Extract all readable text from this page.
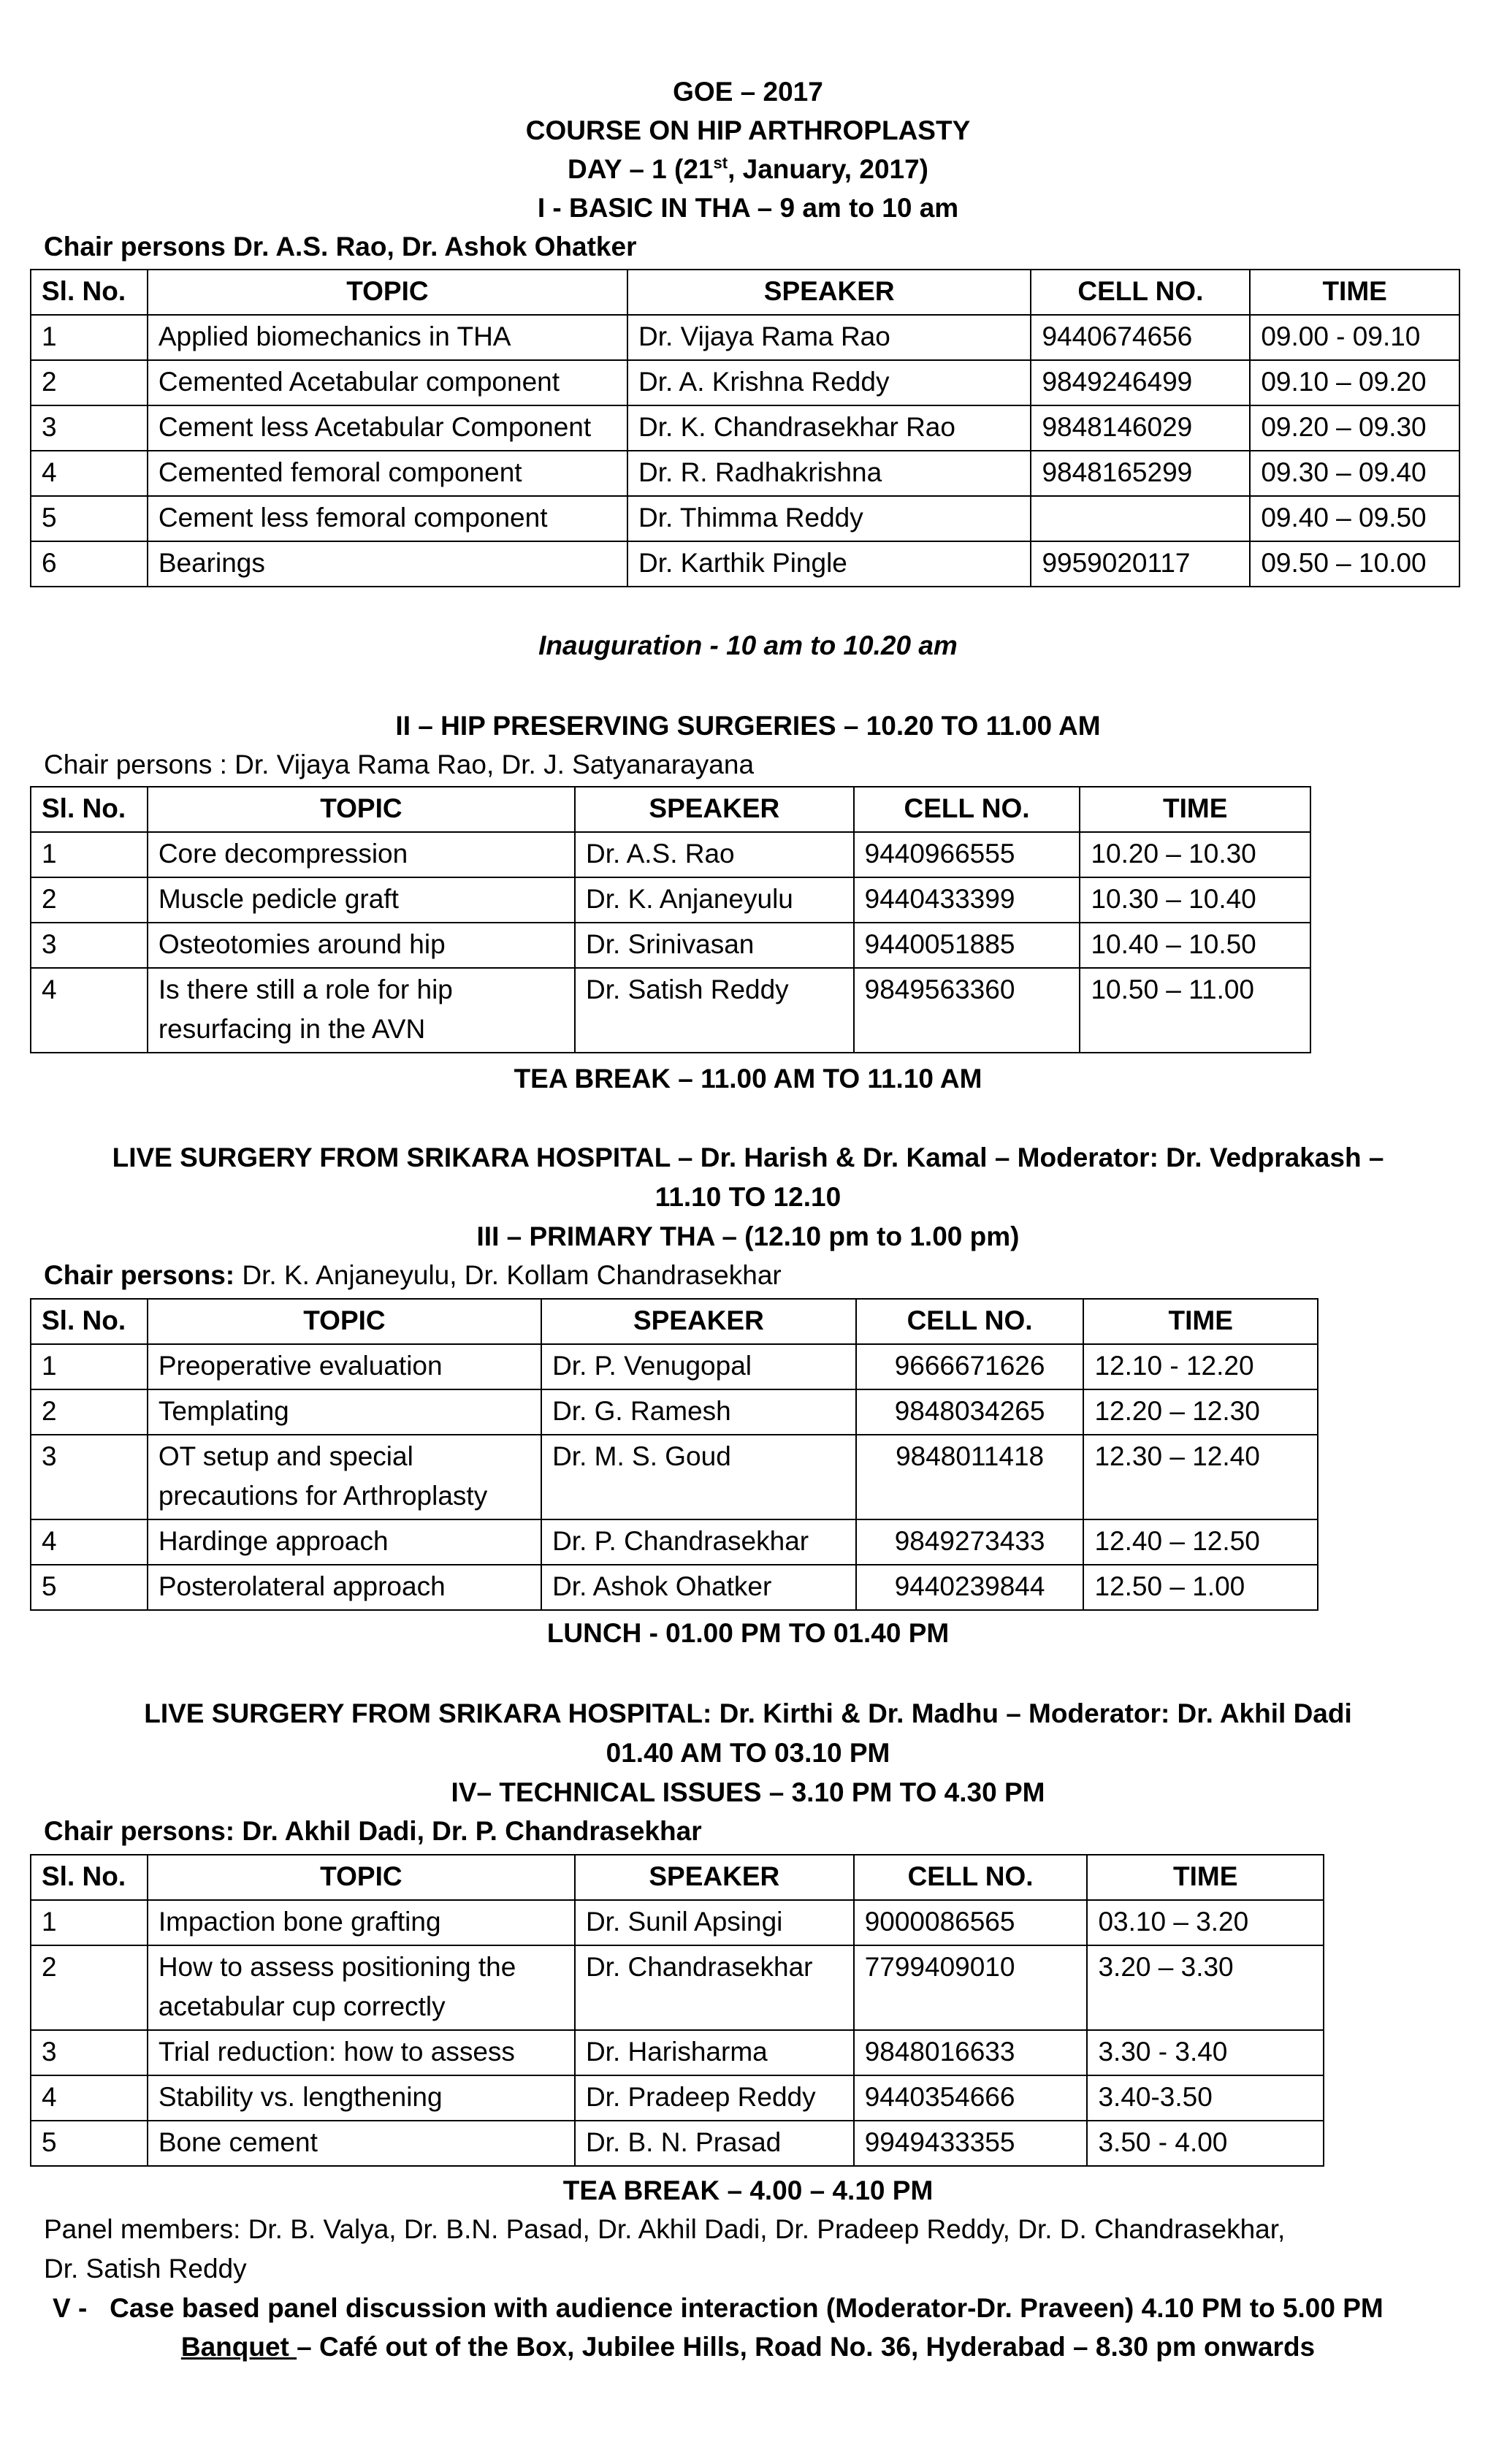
GOE – 2017
COURSE ON HIP ARTHROPLASTY
DAY – 1 (21st, January, 2017)
I - BASIC IN THA – 9 am to 10 am
Chair persons Dr. A.S. Rao, Dr. Ashok Ohatker
Sl. No.	TOPIC	SPEAKER	CELL NO.	TIME
1	Applied biomechanics in THA	Dr. Vijaya Rama Rao	9440674656	09.00 - 09.10
2	Cemented Acetabular component	Dr. A. Krishna Reddy	9849246499	09.10 – 09.20
3	Cement less Acetabular Component	Dr. K. Chandrasekhar Rao	9848146029	09.20 – 09.30
4	Cemented femoral component	Dr. R. Radhakrishna	9848165299	09.30 – 09.40
5	Cement less femoral component	Dr. Thimma Reddy		09.40 – 09.50
6	Bearings	Dr. Karthik Pingle	9959020117	09.50 – 10.00
Inauguration - 10 am to 10.20 am
II – HIP PRESERVING SURGERIES – 10.20 TO 11.00 AM
Chair persons : Dr. Vijaya Rama Rao, Dr. J. Satyanarayana
Sl. No.	TOPIC	SPEAKER	CELL NO.	TIME
1	Core decompression	Dr. A.S. Rao	9440966555	10.20 – 10.30
2	Muscle pedicle graft	Dr. K. Anjaneyulu	9440433399	10.30 – 10.40
3	Osteotomies around hip	Dr. Srinivasan	9440051885	10.40 – 10.50
4	Is there still a role for hip resurfacing in the AVN	Dr. Satish Reddy	9849563360	10.50 – 11.00
TEA BREAK – 11.00 AM TO 11.10 AM
LIVE SURGERY FROM SRIKARA HOSPITAL – Dr. Harish & Dr. Kamal – Moderator: Dr. Vedprakash –
11.10 TO 12.10
III – PRIMARY THA – (12.10 pm to 1.00 pm)
Chair persons: Dr. K. Anjaneyulu, Dr. Kollam Chandrasekhar
Sl. No.	TOPIC	SPEAKER	CELL NO.	TIME
1	Preoperative evaluation	Dr. P. Venugopal	9666671626	12.10 - 12.20
2	Templating	Dr. G. Ramesh	9848034265	12.20 – 12.30
3	OT setup and special precautions for Arthroplasty	Dr. M. S. Goud	9848011418	12.30 – 12.40
4	Hardinge approach	Dr. P. Chandrasekhar	9849273433	12.40 – 12.50
5	Posterolateral approach	Dr. Ashok Ohatker	9440239844	12.50 – 1.00
LUNCH - 01.00 PM TO 01.40 PM
LIVE SURGERY FROM SRIKARA HOSPITAL: Dr. Kirthi & Dr. Madhu – Moderator: Dr. Akhil Dadi
01.40 AM TO 03.10 PM
IV– TECHNICAL ISSUES – 3.10 PM TO 4.30 PM
Chair persons: Dr. Akhil Dadi, Dr. P. Chandrasekhar
Sl. No.	TOPIC	SPEAKER	CELL NO.	TIME
1	Impaction bone grafting	Dr. Sunil Apsingi	9000086565	03.10 – 3.20
2	How to assess positioning the acetabular cup correctly	Dr. Chandrasekhar	7799409010	3.20 – 3.30
3	Trial reduction: how to assess	Dr. Harisharma	9848016633	3.30 - 3.40
4	Stability vs. lengthening	Dr. Pradeep Reddy	9440354666	3.40-3.50
5	Bone cement	Dr. B. N. Prasad	9949433355	3.50 - 4.00
TEA BREAK – 4.00 – 4.10 PM
Panel members: Dr. B. Valya, Dr. B.N. Pasad, Dr. Akhil Dadi, Dr. Pradeep Reddy, Dr. D. Chandrasekhar,
Dr. Satish Reddy
V -   Case based panel discussion with audience interaction (Moderator-Dr. Praveen) 4.10 PM to 5.00 PM
Banquet – Café out of the Box, Jubilee Hills, Road No. 36, Hyderabad – 8.30 pm onwards
